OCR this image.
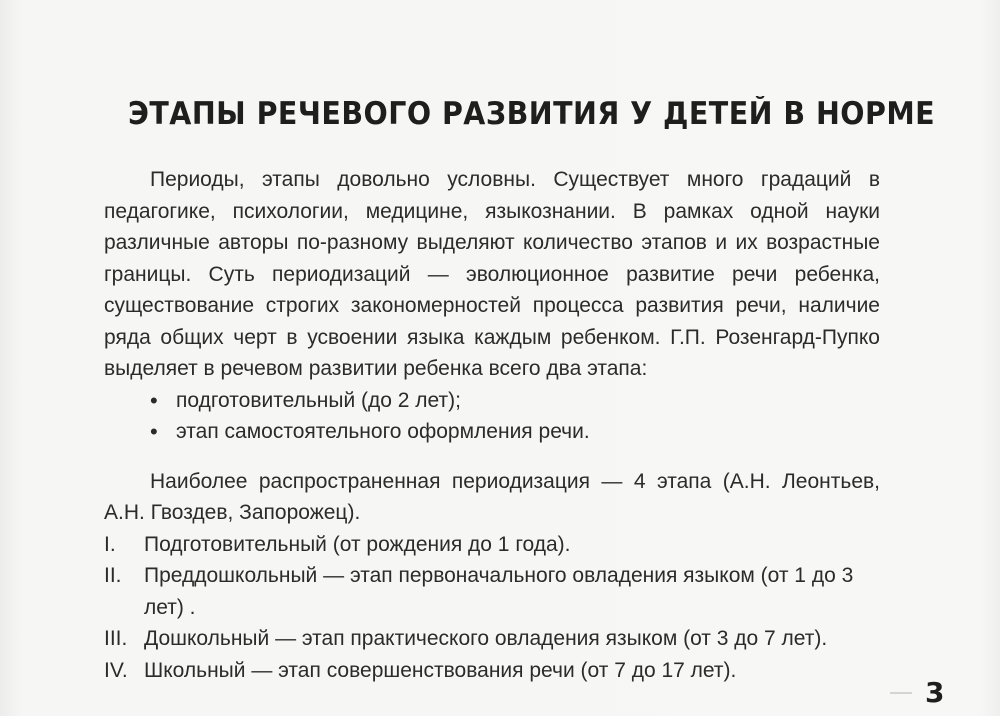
ЭТАПЫ РЕЧЕВОГО РАЗВИТИЯ У ДЕТЕЙ В НОРМЕ

Периоды, этапы довольно условны. Существует много градаций в педагогике, психологии, медицине, языкознании. В рамках одной науки различные авторы по-разному выделяют количество этапов и их возрастные границы. Суть периодизаций — эволюционное развитие речи ребенка, существование строгих закономерностей процесса развития речи, наличие ряда общих черт в усвоении языка каждым ребенком. Г.П. Розенгард-Пупко выделяет в речевом развитии ребенка всего два этапа:

• подготовительный (до 2 лет);
• этап самостоятельного оформления речи.

Наиболее распространенная периодизация — 4 этапа (А.Н. Леонтьев, А.Н. Гвоздев, Запорожец).

I. Подготовительный (от рождения до 1 года).
II. Преддошкольный — этап первоначального овладения языком (от 1 до 3 лет) .
III. Дошкольный — этап практического овладения языком (от 3 до 7 лет).
IV. Школьный — этап совершенствования речи (от 7 до 17 лет).
3
